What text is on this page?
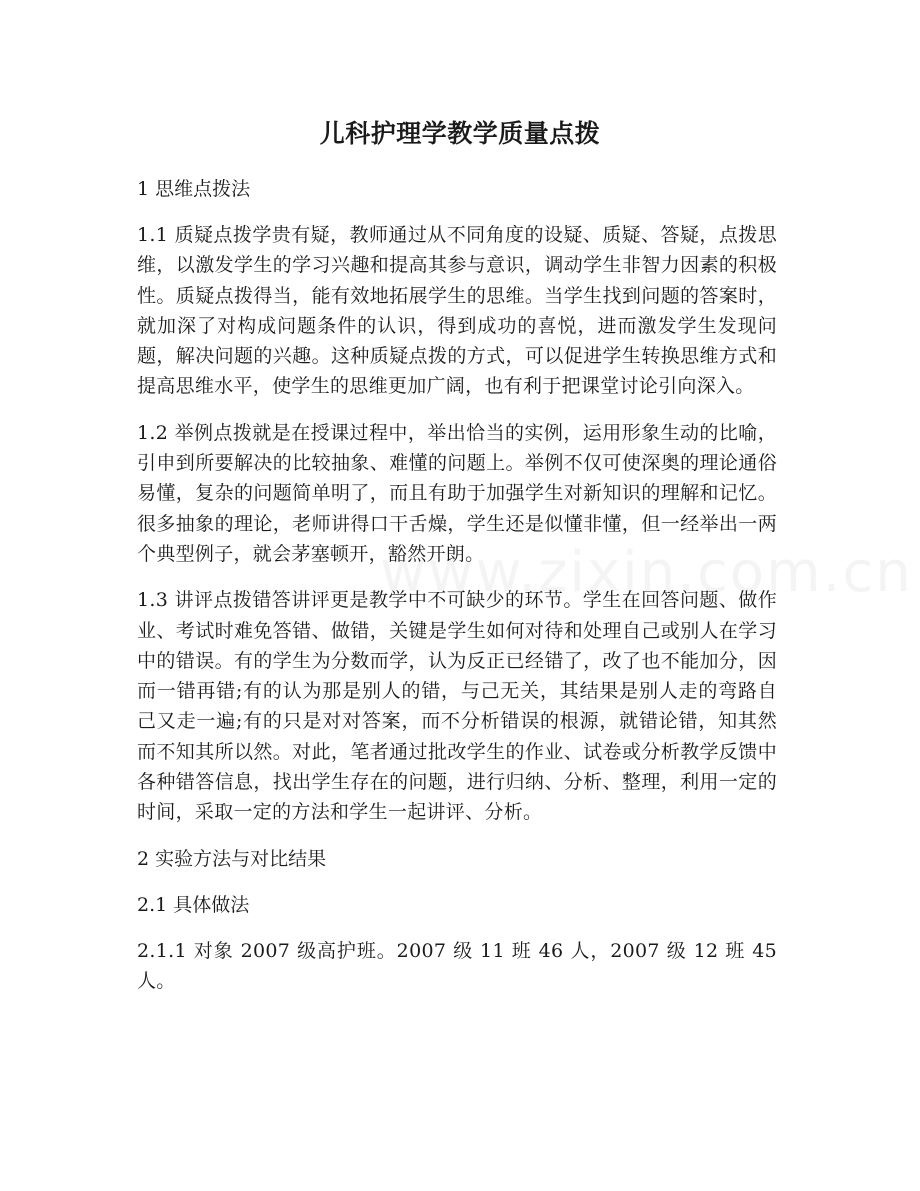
儿科护理学教学质量点拨
1 思维点拨法

1.1 质疑点拨学贵有疑，教师通过从不同角度的设疑、质疑、答疑，点拨思维，以激发学生的学习兴趣和提高其参与意识，调动学生非智力因素的积极性。质疑点拨得当，能有效地拓展学生的思维。当学生找到问题的答案时，就加深了对构成问题条件的认识，得到成功的喜悦，进而激发学生发现问题，解决问题的兴趣。这种质疑点拨的方式，可以促进学生转换思维方式和提高思维水平，使学生的思维更加广阔，也有利于把课堂讨论引向深入。

1.2 举例点拨就是在授课过程中，举出恰当的实例，运用形象生动的比喻，引申到所要解决的比较抽象、难懂的问题上。举例不仅可使深奥的理论通俗易懂，复杂的问题简单明了，而且有助于加强学生对新知识的理解和记忆。很多抽象的理论，老师讲得口干舌燥，学生还是似懂非懂，但一经举出一两个典型例子，就会茅塞顿开，豁然开朗。

1.3 讲评点拨错答讲评更是教学中不可缺少的环节。学生在回答问题、做作业、考试时难免答错、做错，关键是学生如何对待和处理自己或别人在学习中的错误。有的学生为分数而学，认为反正已经错了，改了也不能加分，因而一错再错;有的认为那是别人的错，与己无关，其结果是别人走的弯路自己又走一遍;有的只是对对答案，而不分析错误的根源，就错论错，知其然而不知其所以然。对此，笔者通过批改学生的作业、试卷或分析教学反馈中各种错答信息，找出学生存在的问题，进行归纳、分析、整理，利用一定的时间，采取一定的方法和学生一起讲评、分析。

2 实验方法与对比结果
2.1 具体做法

2.1.1 对象 2007 级高护班。2007 级 11 班 46 人，2007 级 12 班 45 人。
